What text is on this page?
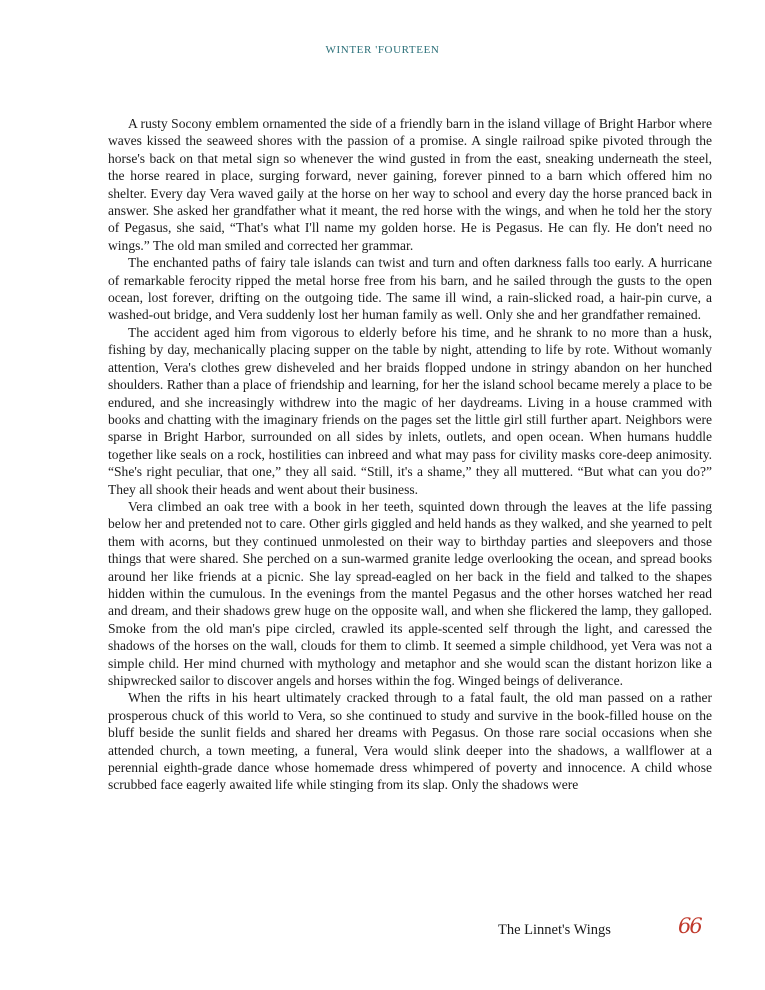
WINTER 'FOURTEEN

A rusty Socony emblem ornamented the side of a friendly barn in the island village of Bright Harbor where waves kissed the seaweed shores with the passion of a promise. A single railroad spike pivoted through the horse's back on that metal sign so whenever the wind gusted in from the east, sneaking underneath the steel, the horse reared in place, surging forward, never gaining, forever pinned to a barn which offered him no shelter. Every day Vera waved gaily at the horse on her way to school and every day the horse pranced back in answer. She asked her grandfather what it meant, the red horse with the wings, and when he told her the story of Pegasus, she said, “That's what I'll name my golden horse. He is Pegasus. He can fly. He don't need no wings.” The old man smiled and corrected her grammar.

The enchanted paths of fairy tale islands can twist and turn and often darkness falls too early. A hurricane of remarkable ferocity ripped the metal horse free from his barn, and he sailed through the gusts to the open ocean, lost forever, drifting on the outgoing tide. The same ill wind, a rain-slicked road, a hair-pin curve, a washed-out bridge, and Vera suddenly lost her human family as well. Only she and her grandfather remained.

The accident aged him from vigorous to elderly before his time, and he shrank to no more than a husk, fishing by day, mechanically placing supper on the table by night, attending to life by rote. Without womanly attention, Vera's clothes grew disheveled and her braids flopped undone in stringy abandon on her hunched shoulders. Rather than a place of friendship and learning, for her the island school became merely a place to be endured, and she increasingly withdrew into the magic of her daydreams. Living in a house crammed with books and chatting with the imaginary friends on the pages set the little girl still further apart. Neighbors were sparse in Bright Harbor, surrounded on all sides by inlets, outlets, and open ocean. When humans huddle together like seals on a rock, hostilities can inbreed and what may pass for civility masks core-deep animosity. “She's right peculiar, that one,” they all said. “Still, it's a shame,” they all muttered. “But what can you do?” They all shook their heads and went about their business.

Vera climbed an oak tree with a book in her teeth, squinted down through the leaves at the life passing below her and pretended not to care. Other girls giggled and held hands as they walked, and she yearned to pelt them with acorns, but they continued unmolested on their way to birthday parties and sleepovers and those things that were shared. She perched on a sun-warmed granite ledge overlooking the ocean, and spread books around her like friends at a picnic. She lay spread-eagled on her back in the field and talked to the shapes hidden within the cumulous. In the evenings from the mantel Pegasus and the other horses watched her read and dream, and their shadows grew huge on the opposite wall, and when she flickered the lamp, they galloped. Smoke from the old man's pipe circled, crawled its apple-scented self through the light, and caressed the shadows of the horses on the wall, clouds for them to climb. It seemed a simple childhood, yet Vera was not a simple child. Her mind churned with mythology and metaphor and she would scan the distant horizon like a shipwrecked sailor to discover angels and horses within the fog. Winged beings of deliverance.

When the rifts in his heart ultimately cracked through to a fatal fault, the old man passed on a rather prosperous chuck of this world to Vera, so she continued to study and survive in the book-filled house on the bluff beside the sunlit fields and shared her dreams with Pegasus. On those rare social occasions when she attended church, a town meeting, a funeral, Vera would slink deeper into the shadows, a wallflower at a perennial eighth-grade dance whose homemade dress whimpered of poverty and innocence. A child whose scrubbed face eagerly awaited life while stinging from its slap. Only the shadows were

The Linnet's Wings	66
